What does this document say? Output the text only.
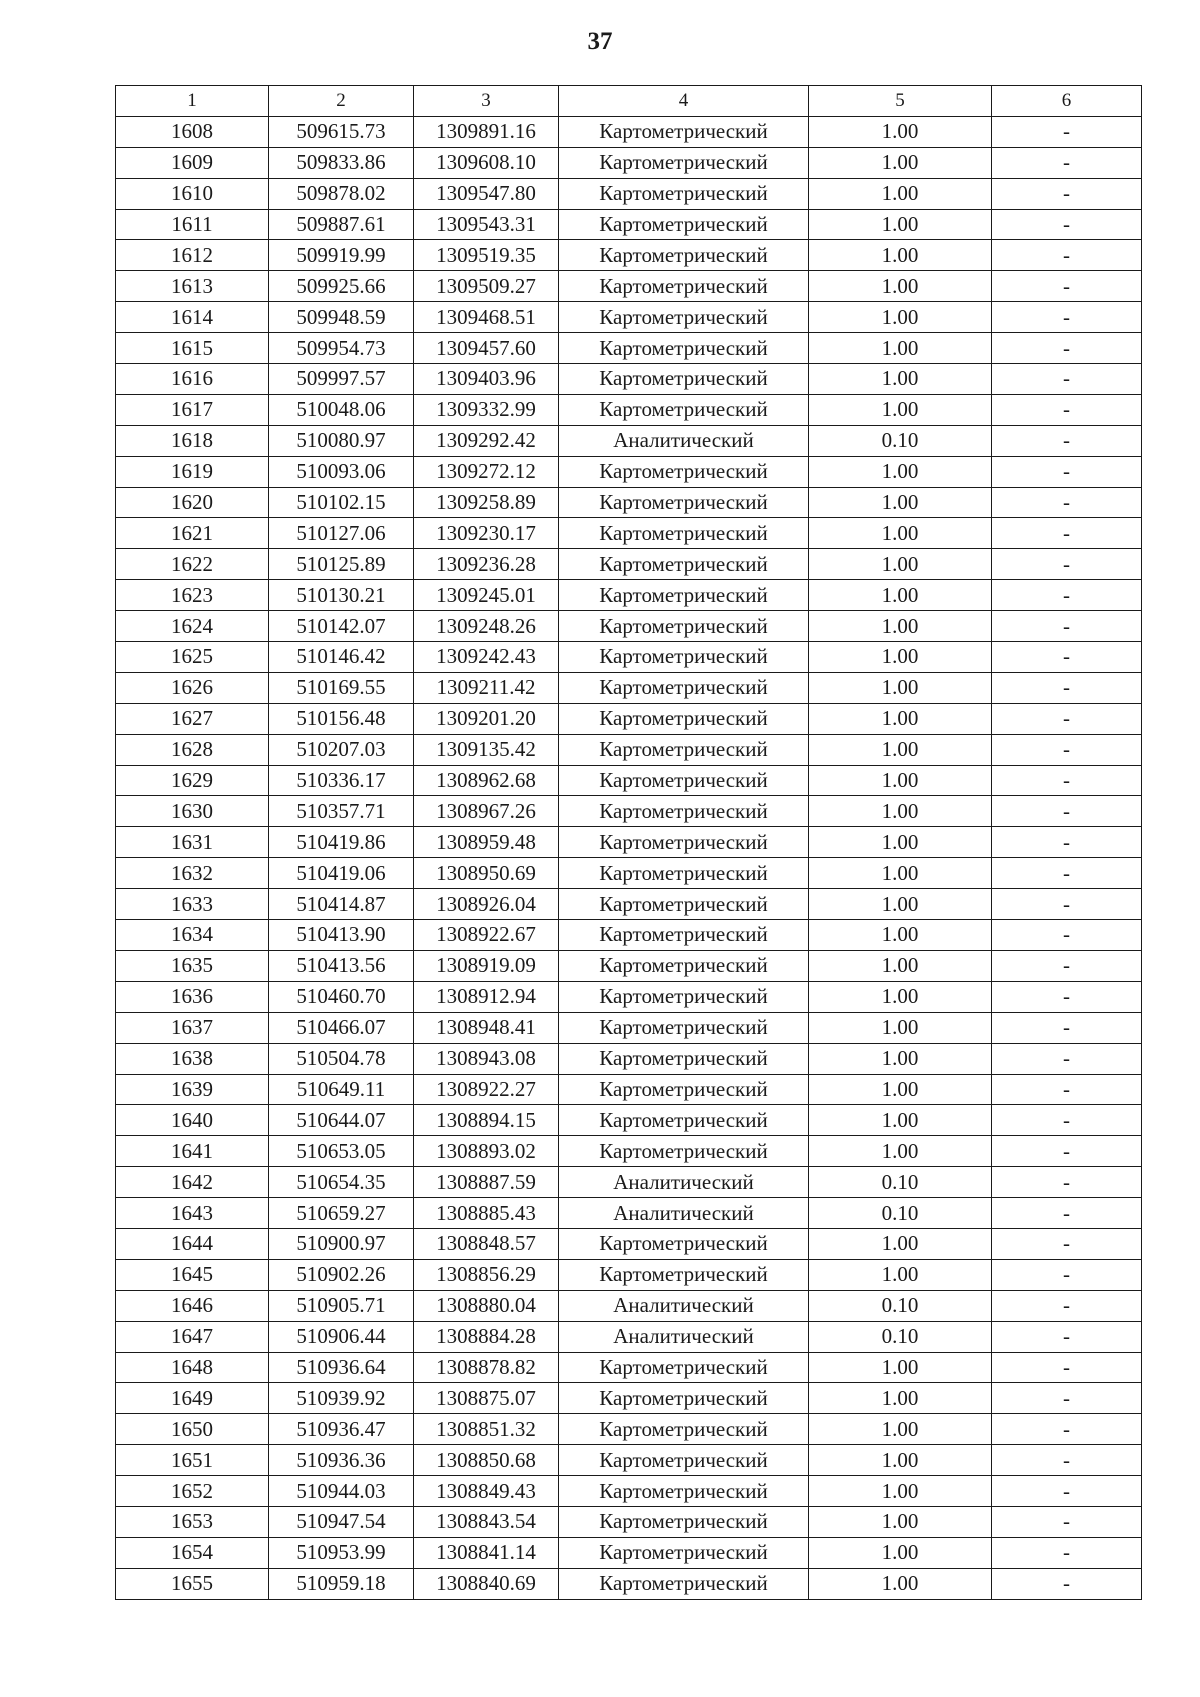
37
1	2	3	4	5	6
1608	509615.73	1309891.16	Картометрический	1.00	-
1609	509833.86	1309608.10	Картометрический	1.00	-
1610	509878.02	1309547.80	Картометрический	1.00	-
1611	509887.61	1309543.31	Картометрический	1.00	-
1612	509919.99	1309519.35	Картометрический	1.00	-
1613	509925.66	1309509.27	Картометрический	1.00	-
1614	509948.59	1309468.51	Картометрический	1.00	-
1615	509954.73	1309457.60	Картометрический	1.00	-
1616	509997.57	1309403.96	Картометрический	1.00	-
1617	510048.06	1309332.99	Картометрический	1.00	-
1618	510080.97	1309292.42	Аналитический	0.10	-
1619	510093.06	1309272.12	Картометрический	1.00	-
1620	510102.15	1309258.89	Картометрический	1.00	-
1621	510127.06	1309230.17	Картометрический	1.00	-
1622	510125.89	1309236.28	Картометрический	1.00	-
1623	510130.21	1309245.01	Картометрический	1.00	-
1624	510142.07	1309248.26	Картометрический	1.00	-
1625	510146.42	1309242.43	Картометрический	1.00	-
1626	510169.55	1309211.42	Картометрический	1.00	-
1627	510156.48	1309201.20	Картометрический	1.00	-
1628	510207.03	1309135.42	Картометрический	1.00	-
1629	510336.17	1308962.68	Картометрический	1.00	-
1630	510357.71	1308967.26	Картометрический	1.00	-
1631	510419.86	1308959.48	Картометрический	1.00	-
1632	510419.06	1308950.69	Картометрический	1.00	-
1633	510414.87	1308926.04	Картометрический	1.00	-
1634	510413.90	1308922.67	Картометрический	1.00	-
1635	510413.56	1308919.09	Картометрический	1.00	-
1636	510460.70	1308912.94	Картометрический	1.00	-
1637	510466.07	1308948.41	Картометрический	1.00	-
1638	510504.78	1308943.08	Картометрический	1.00	-
1639	510649.11	1308922.27	Картометрический	1.00	-
1640	510644.07	1308894.15	Картометрический	1.00	-
1641	510653.05	1308893.02	Картометрический	1.00	-
1642	510654.35	1308887.59	Аналитический	0.10	-
1643	510659.27	1308885.43	Аналитический	0.10	-
1644	510900.97	1308848.57	Картометрический	1.00	-
1645	510902.26	1308856.29	Картометрический	1.00	-
1646	510905.71	1308880.04	Аналитический	0.10	-
1647	510906.44	1308884.28	Аналитический	0.10	-
1648	510936.64	1308878.82	Картометрический	1.00	-
1649	510939.92	1308875.07	Картометрический	1.00	-
1650	510936.47	1308851.32	Картометрический	1.00	-
1651	510936.36	1308850.68	Картометрический	1.00	-
1652	510944.03	1308849.43	Картометрический	1.00	-
1653	510947.54	1308843.54	Картометрический	1.00	-
1654	510953.99	1308841.14	Картометрический	1.00	-
1655	510959.18	1308840.69	Картометрический	1.00	-
